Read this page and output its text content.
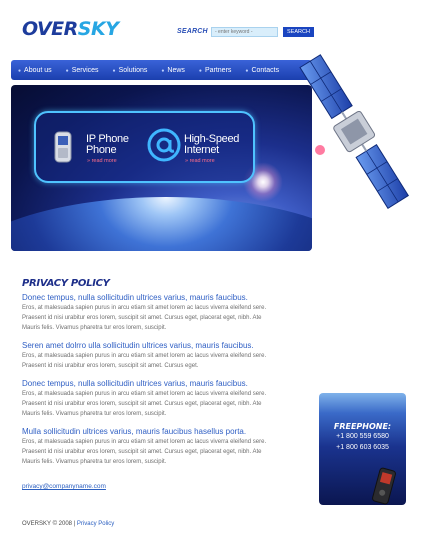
OVERSKY	SEARCH
- enter keyword -	SEARCH
● About us	● Services	● Solutions	● News	● Partners	● Contacts
IP Phone
Phone
» read more
High-Speed
Internet
» read more
PRIVACY POLICY
Donec tempus, nulla sollicitudin ultrices varius, mauris faucibus.
Eros, at malesuada sapien purus in arcu etiam sit amet lorem ac lacus viverra eleifend sere.
Praesent id nisi urabitur eros lorem, suscipit sit amet. Cursus eget, placerat eget, nibh. Ate
Mauris felis. Vivamus pharetra tur eros lorem, suscipit.
Seren amet dolrro ulla sollicitudin ultrices varius, mauris faucibus.
Eros, at malesuada sapien purus in arcu etiam sit amet lorem ac lacus viverra eleifend sere.
Praesent id nisi urabitur eros lorem, suscipit sit amet. Cursus eget.
Donec tempus, nulla sollicitudin ultrices varius, mauris faucibus.
Eros, at malesuada sapien purus in arcu etiam sit amet lorem ac lacus viverra eleifend sere.
Praesent id nisi urabitur eros lorem, suscipit sit amet. Cursus eget, placerat eget, nibh. Ate
Mauris felis. Vivamus pharetra tur eros lorem, suscipit.
Mulla sollicitudin ultrices varius, mauris faucibus hasellus porta.
Eros, at malesuada sapien purus in arcu etiam sit amet lorem ac lacus viverra eleifend sere.
Praesent id nisi urabitur eros lorem, suscipit sit amet. Cursus eget, placerat eget, nibh. Ate
Mauris felis. Vivamus pharetra tur eros lorem, suscipit.
privacy@companyname.com
FREEPHONE:
+1 800 559 6580
+1 800 603 6035
OVERSKY © 2008 | Privacy Policy
